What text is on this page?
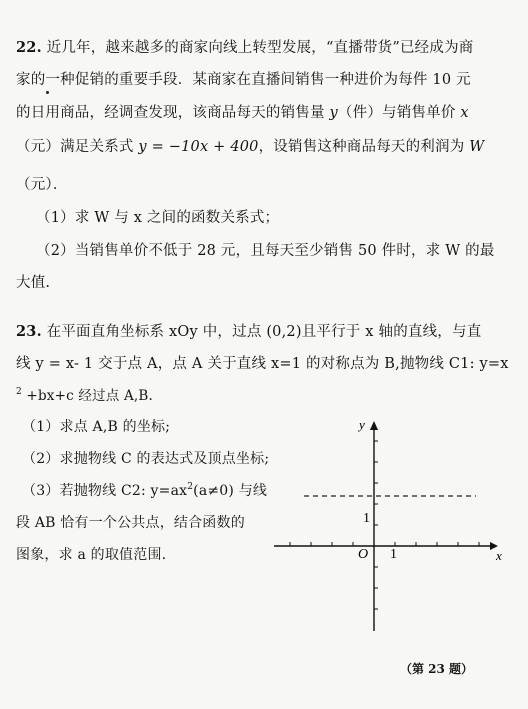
22. 近几年，越来越多的商家向线上转型发展，“直播带货”已经成为商
家的一种促销的重要手段．某商家在直播间销售一种进价为每件 10 元
的日用商品，经调查发现，该商品每天的销售量 y（件）与销售单价 x
（元）满足关系式 y = −10x + 400，设销售这种商品每天的利润为 W
（元）．
（1）求 W 与 x 之间的函数关系式；
（2）当销售单价不低于 28 元，且每天至少销售 50 件时，求 W 的最
大值.
23. 在平面直角坐标系 xOy 中，过点 (0,2)且平行于 x 轴的直线，与直
线 y = x- 1 交于点 A，点 A 关于直线 x=1 的对称点为 B,抛物线 C1: y=x
$^2$ +bx+c 经过点 A,B.
（1）求点 A,B 的坐标;
（2）求抛物线 C 的表达式及顶点坐标;
（3）若抛物线 C2: $y=ax^2(a\ne 0)$ 与线
段 AB 恰有一个公共点，结合函数的
图象，求 a 的取值范围.
y
x
O 1
1
（第 23 题）
